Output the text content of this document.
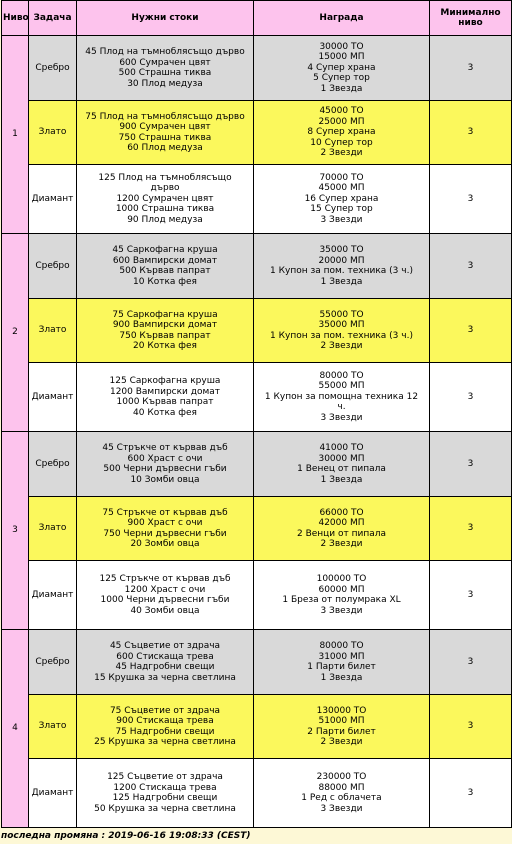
Ниво	Задача	Нужни стоки	Награда	Минимално
ниво

1	Сребро	45 Плод на тъмноблясъщо дърво
600 Сумрачен цвят
500 Страшна тиква
30 Плод медуза	30000 ТО
15000 МП
4 Супер храна
5 Супер тор
1 Звезда	3
	Злато	75 Плод на тъмноблясъщо дърво
900 Сумрачен цвят
750 Страшна тиква
60 Плод медуза	45000 ТО
25000 МП
8 Супер храна
10 Супер тор
2 Звезди	3
	Диамант	125 Плод на тъмноблясъщо
дърво
1200 Сумрачен цвят
1000 Страшна тиква
90 Плод медуза	70000 ТО
45000 МП
16 Супер храна
15 Супер тор
3 Звезди	3
2	Сребро	45 Саркофагна круша
600 Вампирски домат
500 Кървав папрат
10 Котка фея	35000 ТО
20000 МП
1 Купон за пом. техника (3 ч.)
1 Звезда	3
	Злато	75 Саркофагна круша
900 Вампирски домат
750 Кървав папрат
20 Котка фея	55000 ТО
35000 МП
1 Купон за пом. техника (3 ч.)
2 Звезди	3
	Диамант	125 Саркофагна круша
1200 Вампирски домат
1000 Кървав папрат
40 Котка фея	80000 ТО
55000 МП
1 Купон за помощна техника 12
ч.
3 Звезди	3
3	Сребро	45 Стръкче от кървав дъб
600 Храст с очи
500 Черни дървесни гъби
10 Зомби овца	41000 ТО
30000 МП
1 Венец от пипала
1 Звезда	3
	Злато	75 Стръкче от кървав дъб
900 Храст с очи
750 Черни дървесни гъби
20 Зомби овца	66000 ТО
42000 МП
2 Венци от пипала
2 Звезди	3
	Диамант	125 Стръкче от кървав дъб
1200 Храст с очи
1000 Черни дървесни гъби
40 Зомби овца	100000 ТО
60000 МП
1 Бреза от полумрака XL
3 Звезди	3
4	Сребро	45 Съцветие от здрача
600 Стискаща трева
45 Надгробни свещи
15 Крушка за черна светлина	80000 ТО
31000 МП
1 Парти билет
1 Звезда	3
	Злато	75 Съцветие от здрача
900 Стискаща трева
75 Надгробни свещи
25 Крушка за черна светлина	130000 ТО
51000 МП
2 Парти билет
2 Звезди	3
	Диамант	125 Съцветие от здрача
1200 Стискаща трева
125 Надгробни свещи
50 Крушка за черна светлина	230000 ТО
88000 МП
1 Ред с облачета
3 Звезди	3
последна промяна : 2019-06-16 19:08:33 (CEST)
